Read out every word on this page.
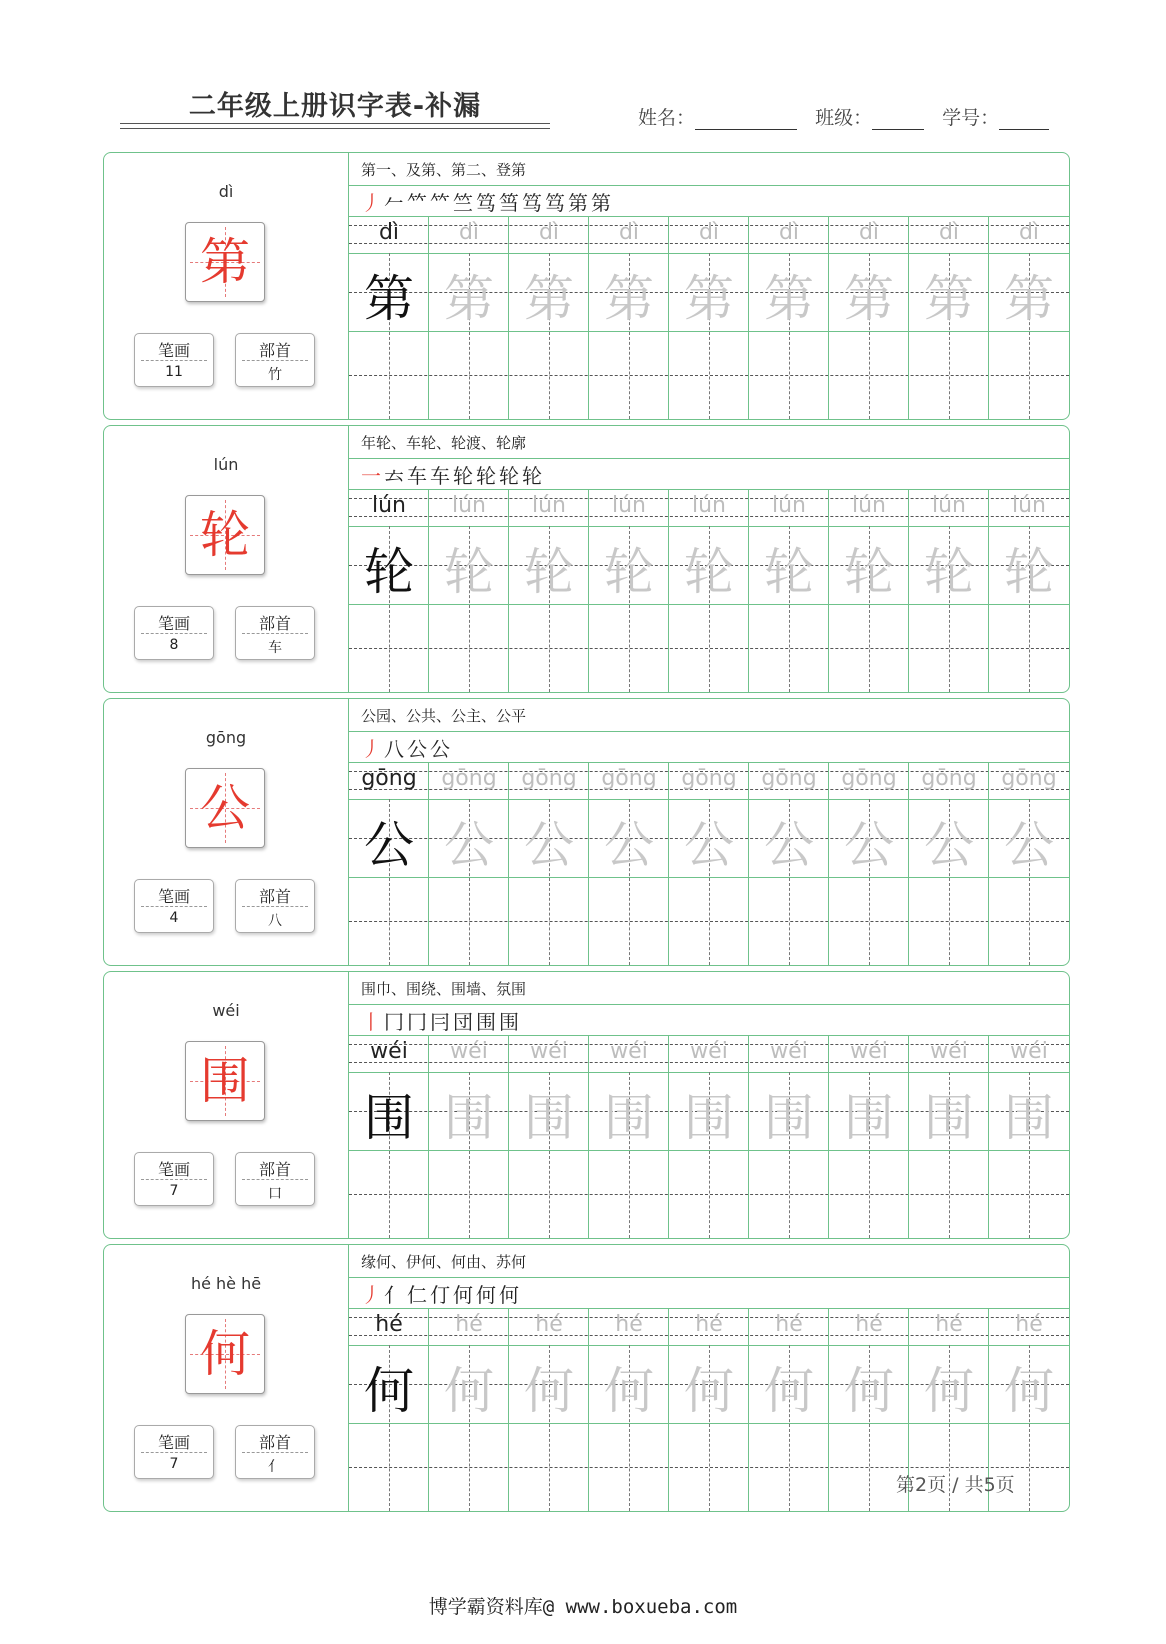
二年级上册识字表-补漏	姓名：	班级：	学号：
dì
第
笔画
11
部首
竹
第一、及第、第二、登第
丿𠂉𥫗𥫗竺笃筜笃笃第第
dì
第
dì
第
dì
第
dì
第
dì
第
dì
第
dì
第
dì
第
dì
第
lún
轮
笔画
8
部首
车
年轮、车轮、轮渡、轮廓
一𠫓车车轮轮轮轮
lún
轮
lún
轮
lún
轮
lún
轮
lún
轮
lún
轮
lún
轮
lún
轮
lún
轮
gōng
公
笔画
4
部首
八
公园、公共、公主、公平
丿八公公
gōng
公
gōng
公
gōng
公
gōng
公
gōng
公
gōng
公
gōng
公
gōng
公
gōng
公
wéi
围
笔画
7
部首
口
围巾、围绕、围墙、氛围
丨冂冂冃団围围
wéi
围
wéi
围
wéi
围
wéi
围
wéi
围
wéi
围
wéi
围
wéi
围
wéi
围
hé hè hē
何
笔画
7
部首
亻
缘何、伊何、何由、苏何
丿亻仁仃何何何
hé
何
hé
何
hé
何
hé
何
hé
何
hé
何
hé
何
hé
何
hé
何
第2页 / 共5页
博学霸资料库@ www.boxueba.com
